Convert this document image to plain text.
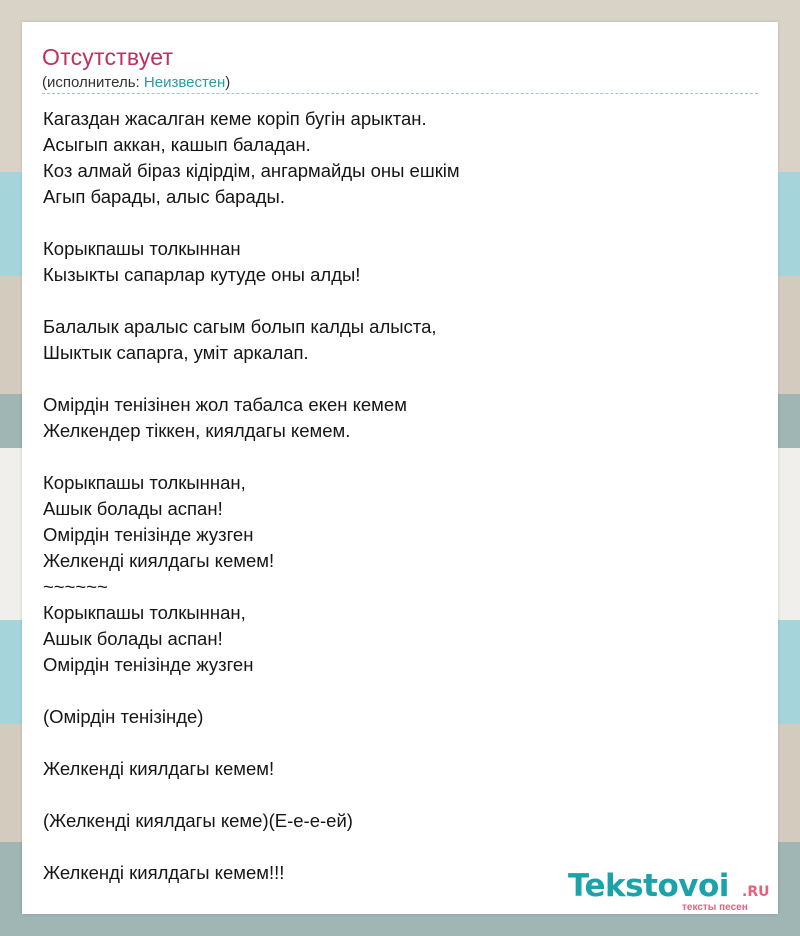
Отсутствует
(исполнитель: Неизвестен)
Кагаздан жасалган кеме коріп бугін арыктан.
Асыгып аккан, кашып баладан.
Коз алмай біраз кідірдім, ангармайды оны ешкім
Агып барады, алыс барады.
Корыкпашы толкыннан
Кызыкты сапарлар кутуде оны алды!
Балалык аралыс сагым болып калды алыста,
Шыктык сапарга, уміт аркалап.
Омірдін тенізінен жол табалса екен кемем
Желкендер тіккен, киялдагы кемем.
Корыкпашы толкыннан,
Ашык болады аспан!
Омірдін тенізінде жузген
Желкенді киялдагы кемем!
~~~~~~
Корыкпашы толкыннан,
Ашык болады аспан!
Омірдін тенізінде жузген
(Омірдін тенізінде)
Желкенді киялдагы кемем!
(Желкенді киялдагы кеме)(Е-е-е-ей)
Желкенді киялдагы кемем!!!	Tekstovoi .RU
тексты песен
